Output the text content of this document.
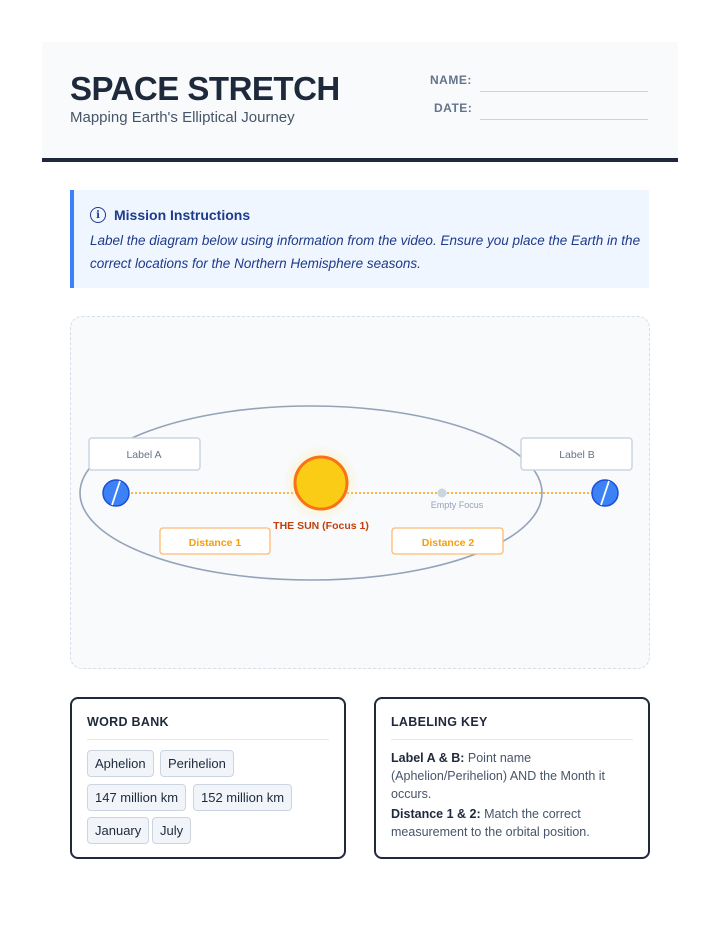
SPACE STRETCH
Mapping Earth's Elliptical Journey
NAME:
DATE:
i	Mission Instructions
Label the diagram below using information from the video. Ensure you place the Earth in the correct locations for the Northern Hemisphere seasons.
THE SUN (Focus 1)
Empty Focus
Label A	Label B
Distance 1	Distance 2
WORD BANK
Aphelion	Perihelion
147 million km	152 million km
January	July
LABELING KEY
Label A & B: Point name (Aphelion/Perihelion) AND the Month it occurs.
Distance 1 & 2: Match the correct measurement to the orbital position.
